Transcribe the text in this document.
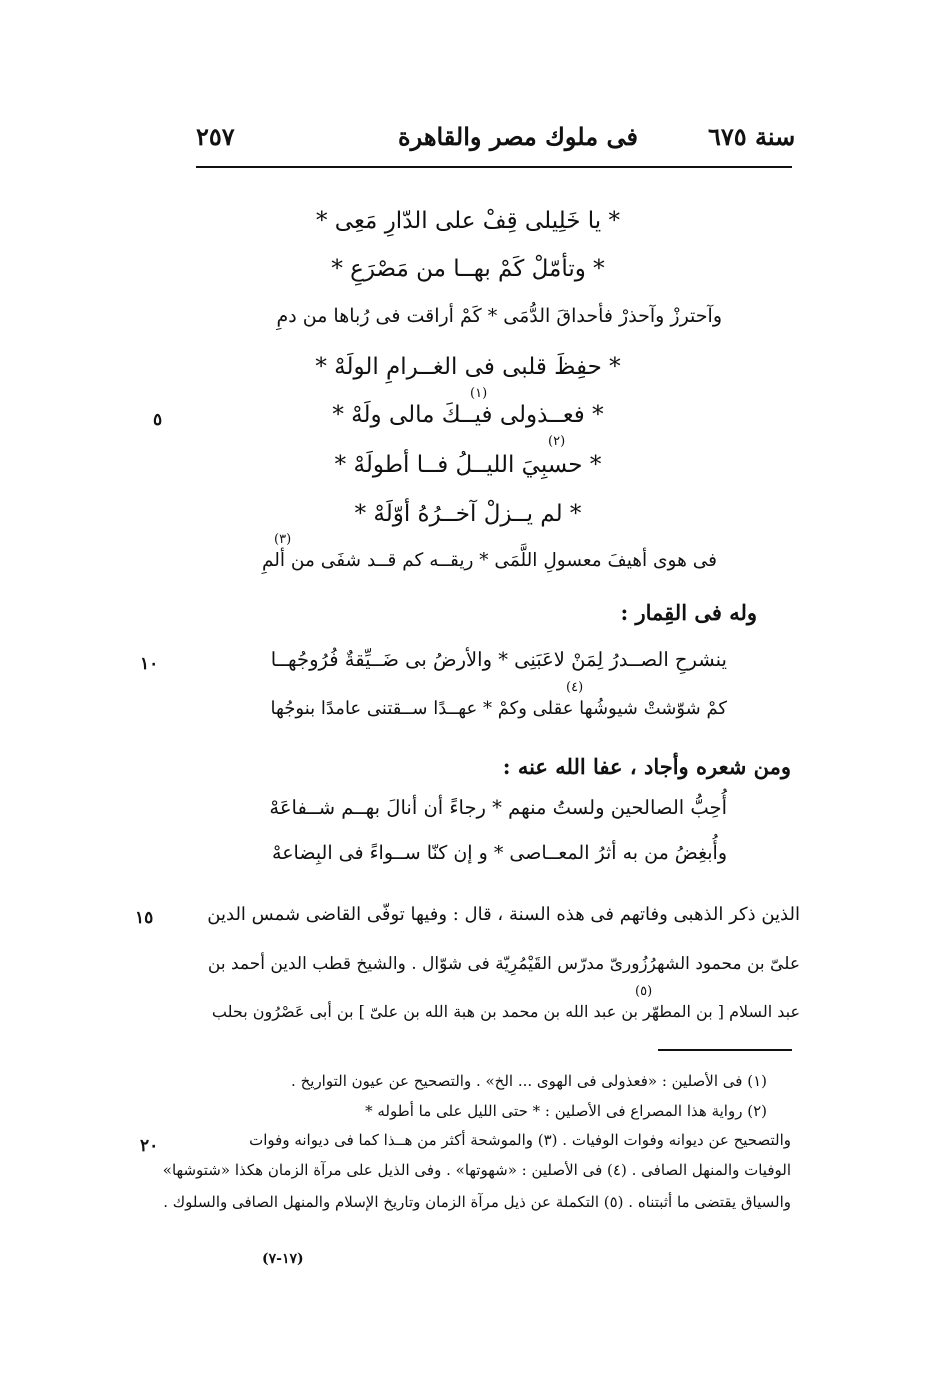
٢٥٧	فى ملوك مصر والقاهرة	سنة ٦٧٥
* يا خَلِيلى قِفْ على الدّارِ مَعِى *
* وتأمّلْ كَمْ بهــا من مَصْرَعِ *
وآحترزْ وآحذرْ فأحداقَ الدُّمَى * كَمْ أراقت فى رُباها من دمِ
* حفِظَ قلبى فى الغــرامِ الولَهْ *
(١)
* فعــذولى فيــكَ مالى ولَهْ *
(٢)
* حسبِيَ الليــلُ فــا أطولَهْ *
* لم يــزلْ آخــرُهُ أوّلَهْ *
(٣)
فى هوى أهيفَ معسولِ اللَّمَى * ريقــه كم قــد شفَى من ألمِ
وله فى القِمار :
ينشرحِ الصــدرُ لِمَنْ لاعَبَنِى * والأرضُ بى ضَــيِّقةٌ فُرُوجُهــا
(٤)
كمْ شوّشتْ شيوشُها عقلى وكمْ * عهــدًا ســقتنى عامدًا بنوجُها
ومن شعره وأجاد ، عفا الله عنه :
أُحِبُّ الصالحين ولستُ منهم * رجاءً أن أنالَ بهــم شــفاعَهْ
وأُبغِضُ من به أثرُ المعــاصى * و إن كنّا ســواءً فى البِضاعهْ
الذين ذكر الذهبى وفاتهم فى هذه السنة ، قال : وفيها توفّى القاضى شمس الدين
علىّ بن محمود الشهرُزُورىّ مدرّس القَيْمُرِيّة فى شوّال . والشيخ قطب الدين أحمد بن
(٥)
عبد السلام [ بن المطهّر بن عبد الله بن محمد بن هبة الله بن علىّ ] بن أبى عَصْرُون بحلب
٥
١٠
١٥
٢٠
(١) فى الأصلين : «فعذولى فى الهوى ... الخ» . والتصحيح عن عيون التواريخ .
(٢) رواية هذا المصراع فى الأصلين : * حتى الليل على ما أطوله *
والتصحيح عن ديوانه وفوات الوفيات . (٣) والموشحة أكثر من هــذا كما فى ديوانه وفوات
الوفيات والمنهل الصافى . (٤) فى الأصلين : «شهوتها» . وفى الذيل على مرآة الزمان هكذا «شتوشها»
والسياق يقتضى ما أثبتناه . (٥) التكملة عن ذيل مرآة الزمان وتاريخ الإسلام والمنهل الصافى والسلوك .
(١٧-٧)
